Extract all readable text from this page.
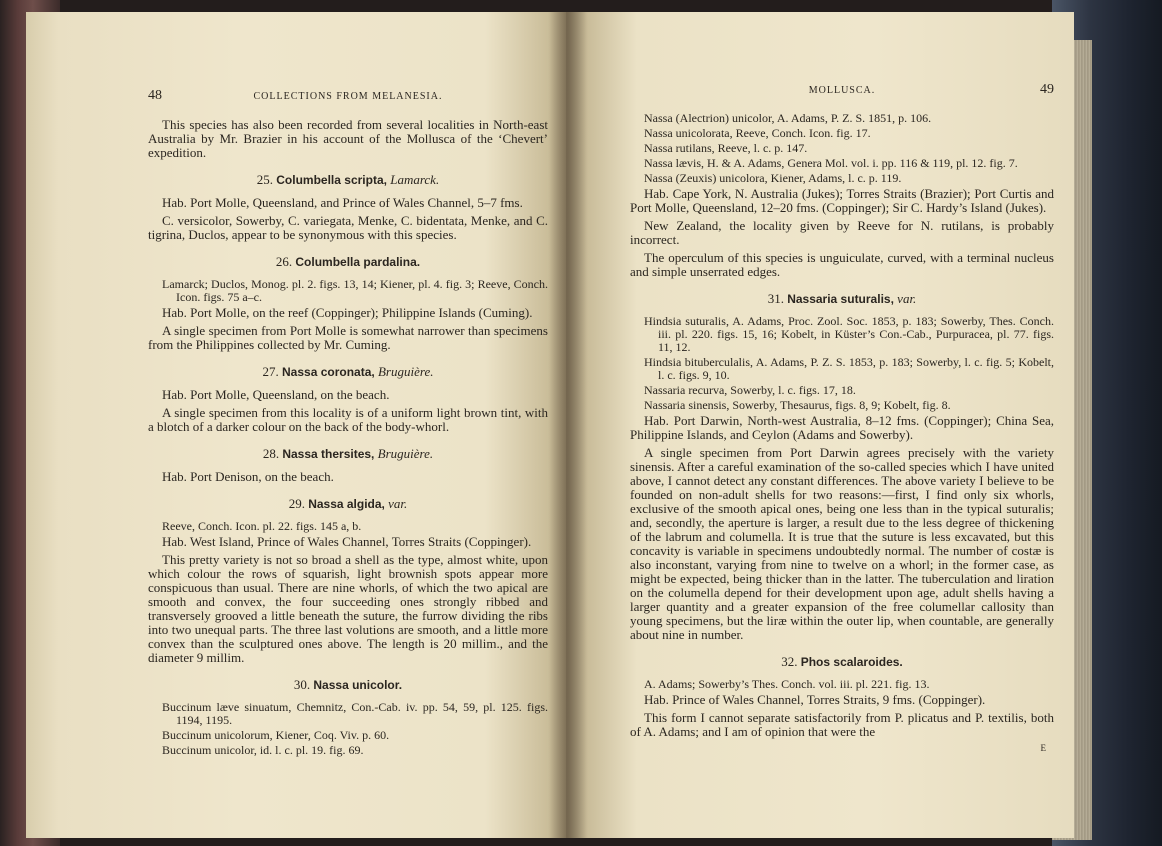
48	COLLECTIONS FROM MELANESIA.

This species has also been recorded from several localities in North-east Australia by Mr. Brazier in his account of the Mollusca of the ‘Chevert’ expedition.

25. Columbella scripta, Lamarck.

Hab. Port Molle, Queensland, and Prince of Wales Channel, 5–7 fms.

C. versicolor, Sowerby, C. variegata, Menke, C. bidentata, Menke, and C. tigrina, Duclos, appear to be synonymous with this species.

26. Columbella pardalina.

Lamarck; Duclos, Monog. pl. 2. figs. 13, 14; Kiener, pl. 4. fig. 3; Reeve, Conch. Icon. figs. 75 a–c.

Hab. Port Molle, on the reef (Coppinger); Philippine Islands (Cuming).

A single specimen from Port Molle is somewhat narrower than specimens from the Philippines collected by Mr. Cuming.

27. Nassa coronata, Bruguière.

Hab. Port Molle, Queensland, on the beach.

A single specimen from this locality is of a uniform light brown tint, with a blotch of a darker colour on the back of the body-whorl.

28. Nassa thersites, Bruguière.

Hab. Port Denison, on the beach.

29. Nassa algida, var.

Reeve, Conch. Icon. pl. 22. figs. 145 a, b.

Hab. West Island, Prince of Wales Channel, Torres Straits (Coppinger).

This pretty variety is not so broad a shell as the type, almost white, upon which colour the rows of squarish, light brownish spots appear more conspicuous than usual. There are nine whorls, of which the two apical are smooth and convex, the four succeeding ones strongly ribbed and transversely grooved a little beneath the suture, the furrow dividing the ribs into two unequal parts. The three last volutions are smooth, and a little more convex than the sculptured ones above. The length is 20 millim., and the diameter 9 millim.

30. Nassa unicolor.

Buccinum læve sinuatum, Chemnitz, Con.-Cab. iv. pp. 54, 59, pl. 125. figs. 1194, 1195.

Buccinum unicolorum, Kiener, Coq. Viv. p. 60.

Buccinum unicolor, id. l. c. pl. 19. fig. 69.

MOLLUSCA.	49

Nassa (Alectrion) unicolor, A. Adams, P. Z. S. 1851, p. 106.

Nassa unicolorata, Reeve, Conch. Icon. fig. 17.

Nassa rutilans, Reeve, l. c. p. 147.

Nassa lævis, H. & A. Adams, Genera Mol. vol. i. pp. 116 & 119, pl. 12. fig. 7.

Nassa (Zeuxis) unicolora, Kiener, Adams, l. c. p. 119.

Hab. Cape York, N. Australia (Jukes); Torres Straits (Brazier); Port Curtis and Port Molle, Queensland, 12–20 fms. (Coppinger); Sir C. Hardy’s Island (Jukes).

New Zealand, the locality given by Reeve for N. rutilans, is probably incorrect.

The operculum of this species is unguiculate, curved, with a terminal nucleus and simple unserrated edges.

31. Nassaria suturalis, var.

Hindsia suturalis, A. Adams, Proc. Zool. Soc. 1853, p. 183; Sowerby, Thes. Conch. iii. pl. 220. figs. 15, 16; Kobelt, in Küster’s Con.-Cab., Purpuracea, pl. 77. figs. 11, 12.

Hindsia bituberculalis, A. Adams, P. Z. S. 1853, p. 183; Sowerby, l. c. fig. 5; Kobelt, l. c. figs. 9, 10.

Nassaria recurva, Sowerby, l. c. figs. 17, 18.

Nassaria sinensis, Sowerby, Thesaurus, figs. 8, 9; Kobelt, fig. 8.

Hab. Port Darwin, North-west Australia, 8–12 fms. (Coppinger); China Sea, Philippine Islands, and Ceylon (Adams and Sowerby).

A single specimen from Port Darwin agrees precisely with the variety sinensis. After a careful examination of the so-called species which I have united above, I cannot detect any constant differences. The above variety I believe to be founded on non-adult shells for two reasons:—first, I find only six whorls, exclusive of the smooth apical ones, being one less than in the typical suturalis; and, secondly, the aperture is larger, a result due to the less degree of thickening of the labrum and columella. It is true that the suture is less excavated, but this concavity is variable in specimens undoubtedly normal. The number of costæ is also inconstant, varying from nine to twelve on a whorl; in the former case, as might be expected, being thicker than in the latter. The tuberculation and liration on the columella depend for their development upon age, adult shells having a larger quantity and a greater expansion of the free columellar callosity than young specimens, but the liræ within the outer lip, when countable, are generally about nine in number.

32. Phos scalaroides.

A. Adams; Sowerby’s Thes. Conch. vol. iii. pl. 221. fig. 13.

Hab. Prince of Wales Channel, Torres Straits, 9 fms. (Coppinger).

This form I cannot separate satisfactorily from P. plicatus and P. textilis, both of A. Adams; and I am of opinion that were the

E
